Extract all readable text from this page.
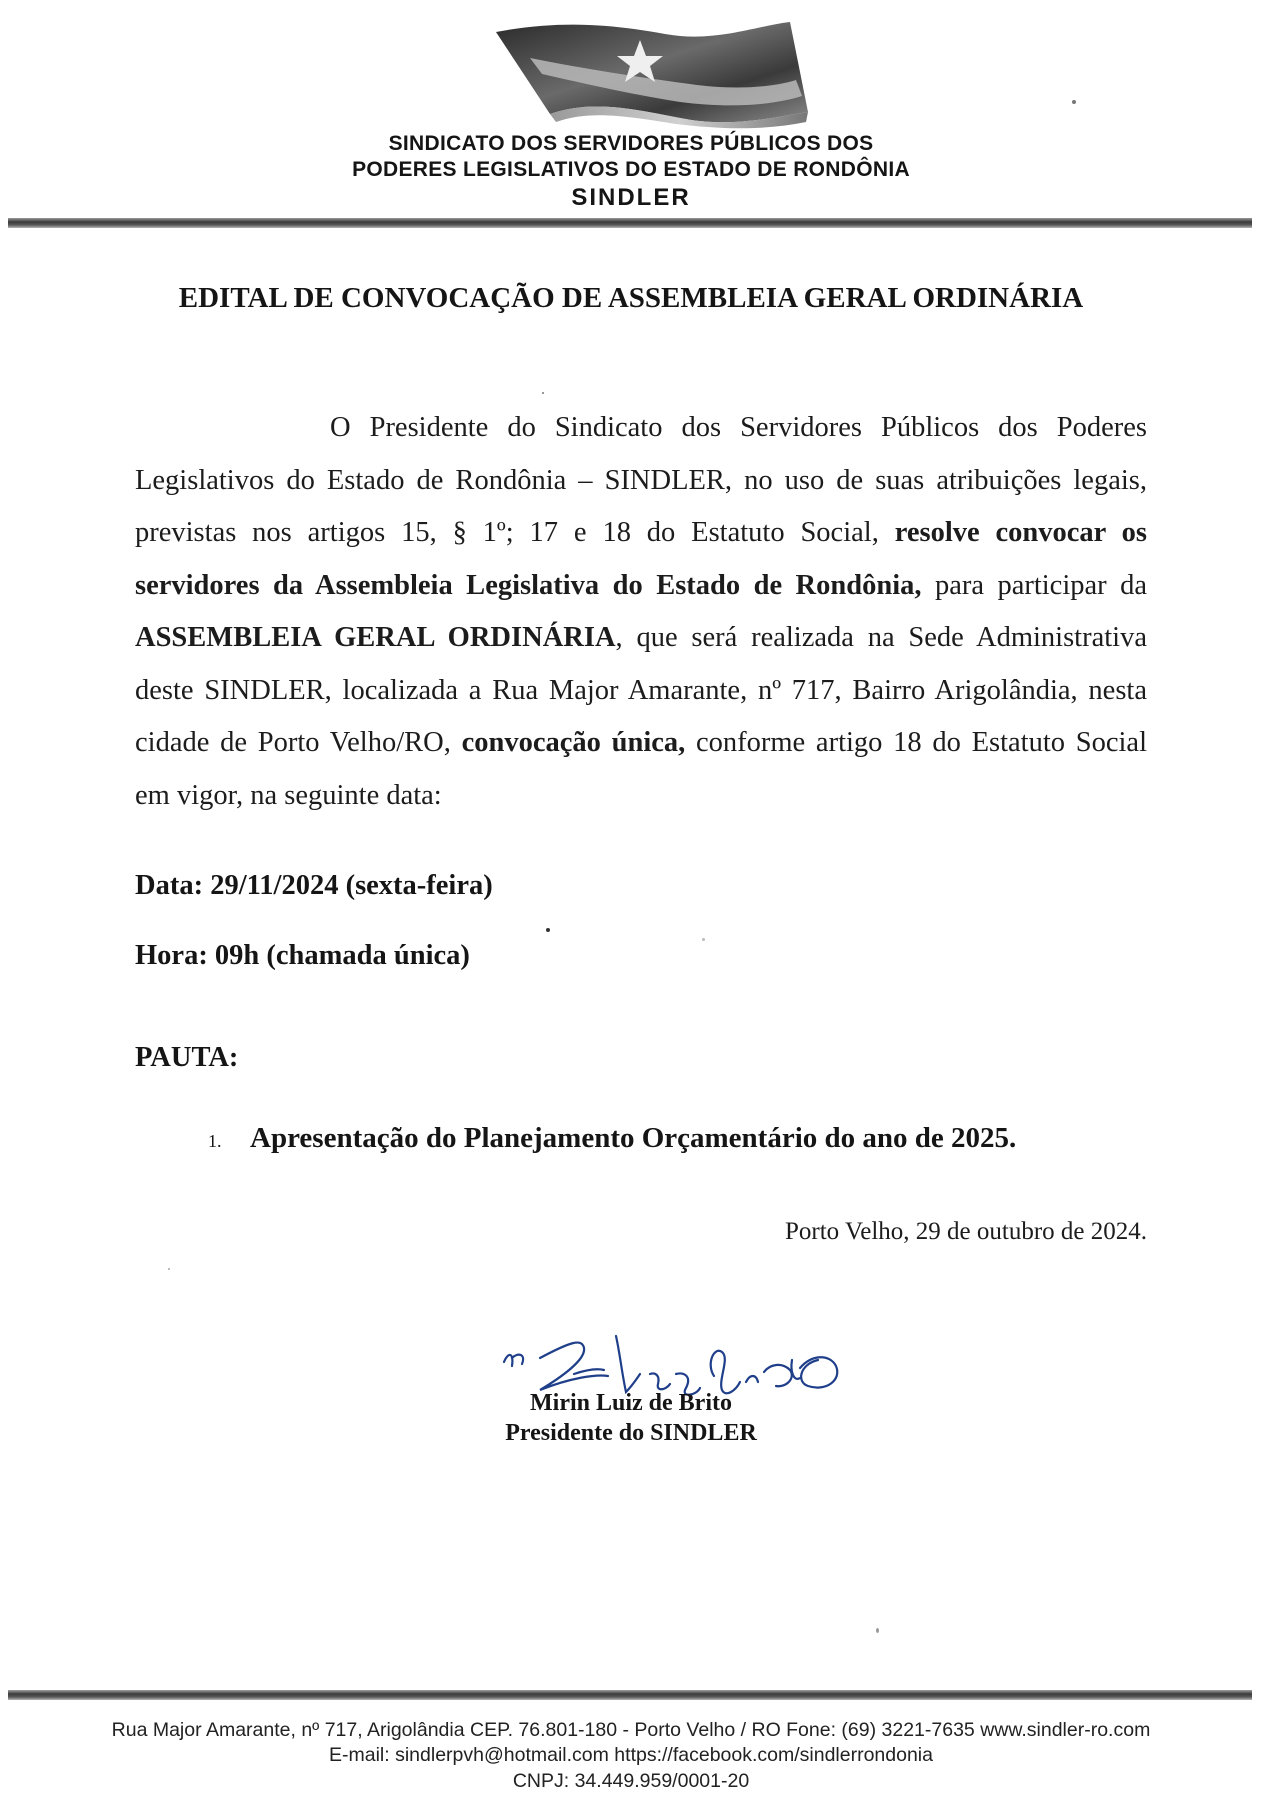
SINDICATO DOS SERVIDORES PÚBLICOS DOS
PODERES LEGISLATIVOS DO ESTADO DE RONDÔNIA
SINDLER
EDITAL DE CONVOCAÇÃO DE ASSEMBLEIA GERAL ORDINÁRIA
O Presidente do Sindicato dos Servidores Públicos dos Poderes Legislativos do Estado de Rondônia – SINDLER, no uso de suas atribuições legais, previstas nos artigos 15, § 1º; 17 e 18 do Estatuto Social, resolve convocar os servidores da Assembleia Legislativa do Estado de Rondônia, para participar da ASSEMBLEIA GERAL ORDINÁRIA, que será realizada na Sede Administrativa deste SINDLER, localizada a Rua Major Amarante, nº 717, Bairro Arigolândia, nesta cidade de Porto Velho/RO, convocação única, conforme artigo 18 do Estatuto Social em vigor, na seguinte data:
Data: 29/11/2024 (sexta-feira)
Hora: 09h (chamada única)
PAUTA:
1. Apresentação do Planejamento Orçamentário do ano de 2025.
Porto Velho, 29 de outubro de 2024.
Mirin Luiz de Brito
Presidente do SINDLER
Rua Major Amarante, nº 717, Arigolândia CEP. 76.801-180 - Porto Velho / RO Fone: (69) 3221-7635 www.sindler-ro.com
E-mail: sindlerpvh@hotmail.com https://facebook.com/sindlerrondonia
CNPJ: 34.449.959/0001-20
